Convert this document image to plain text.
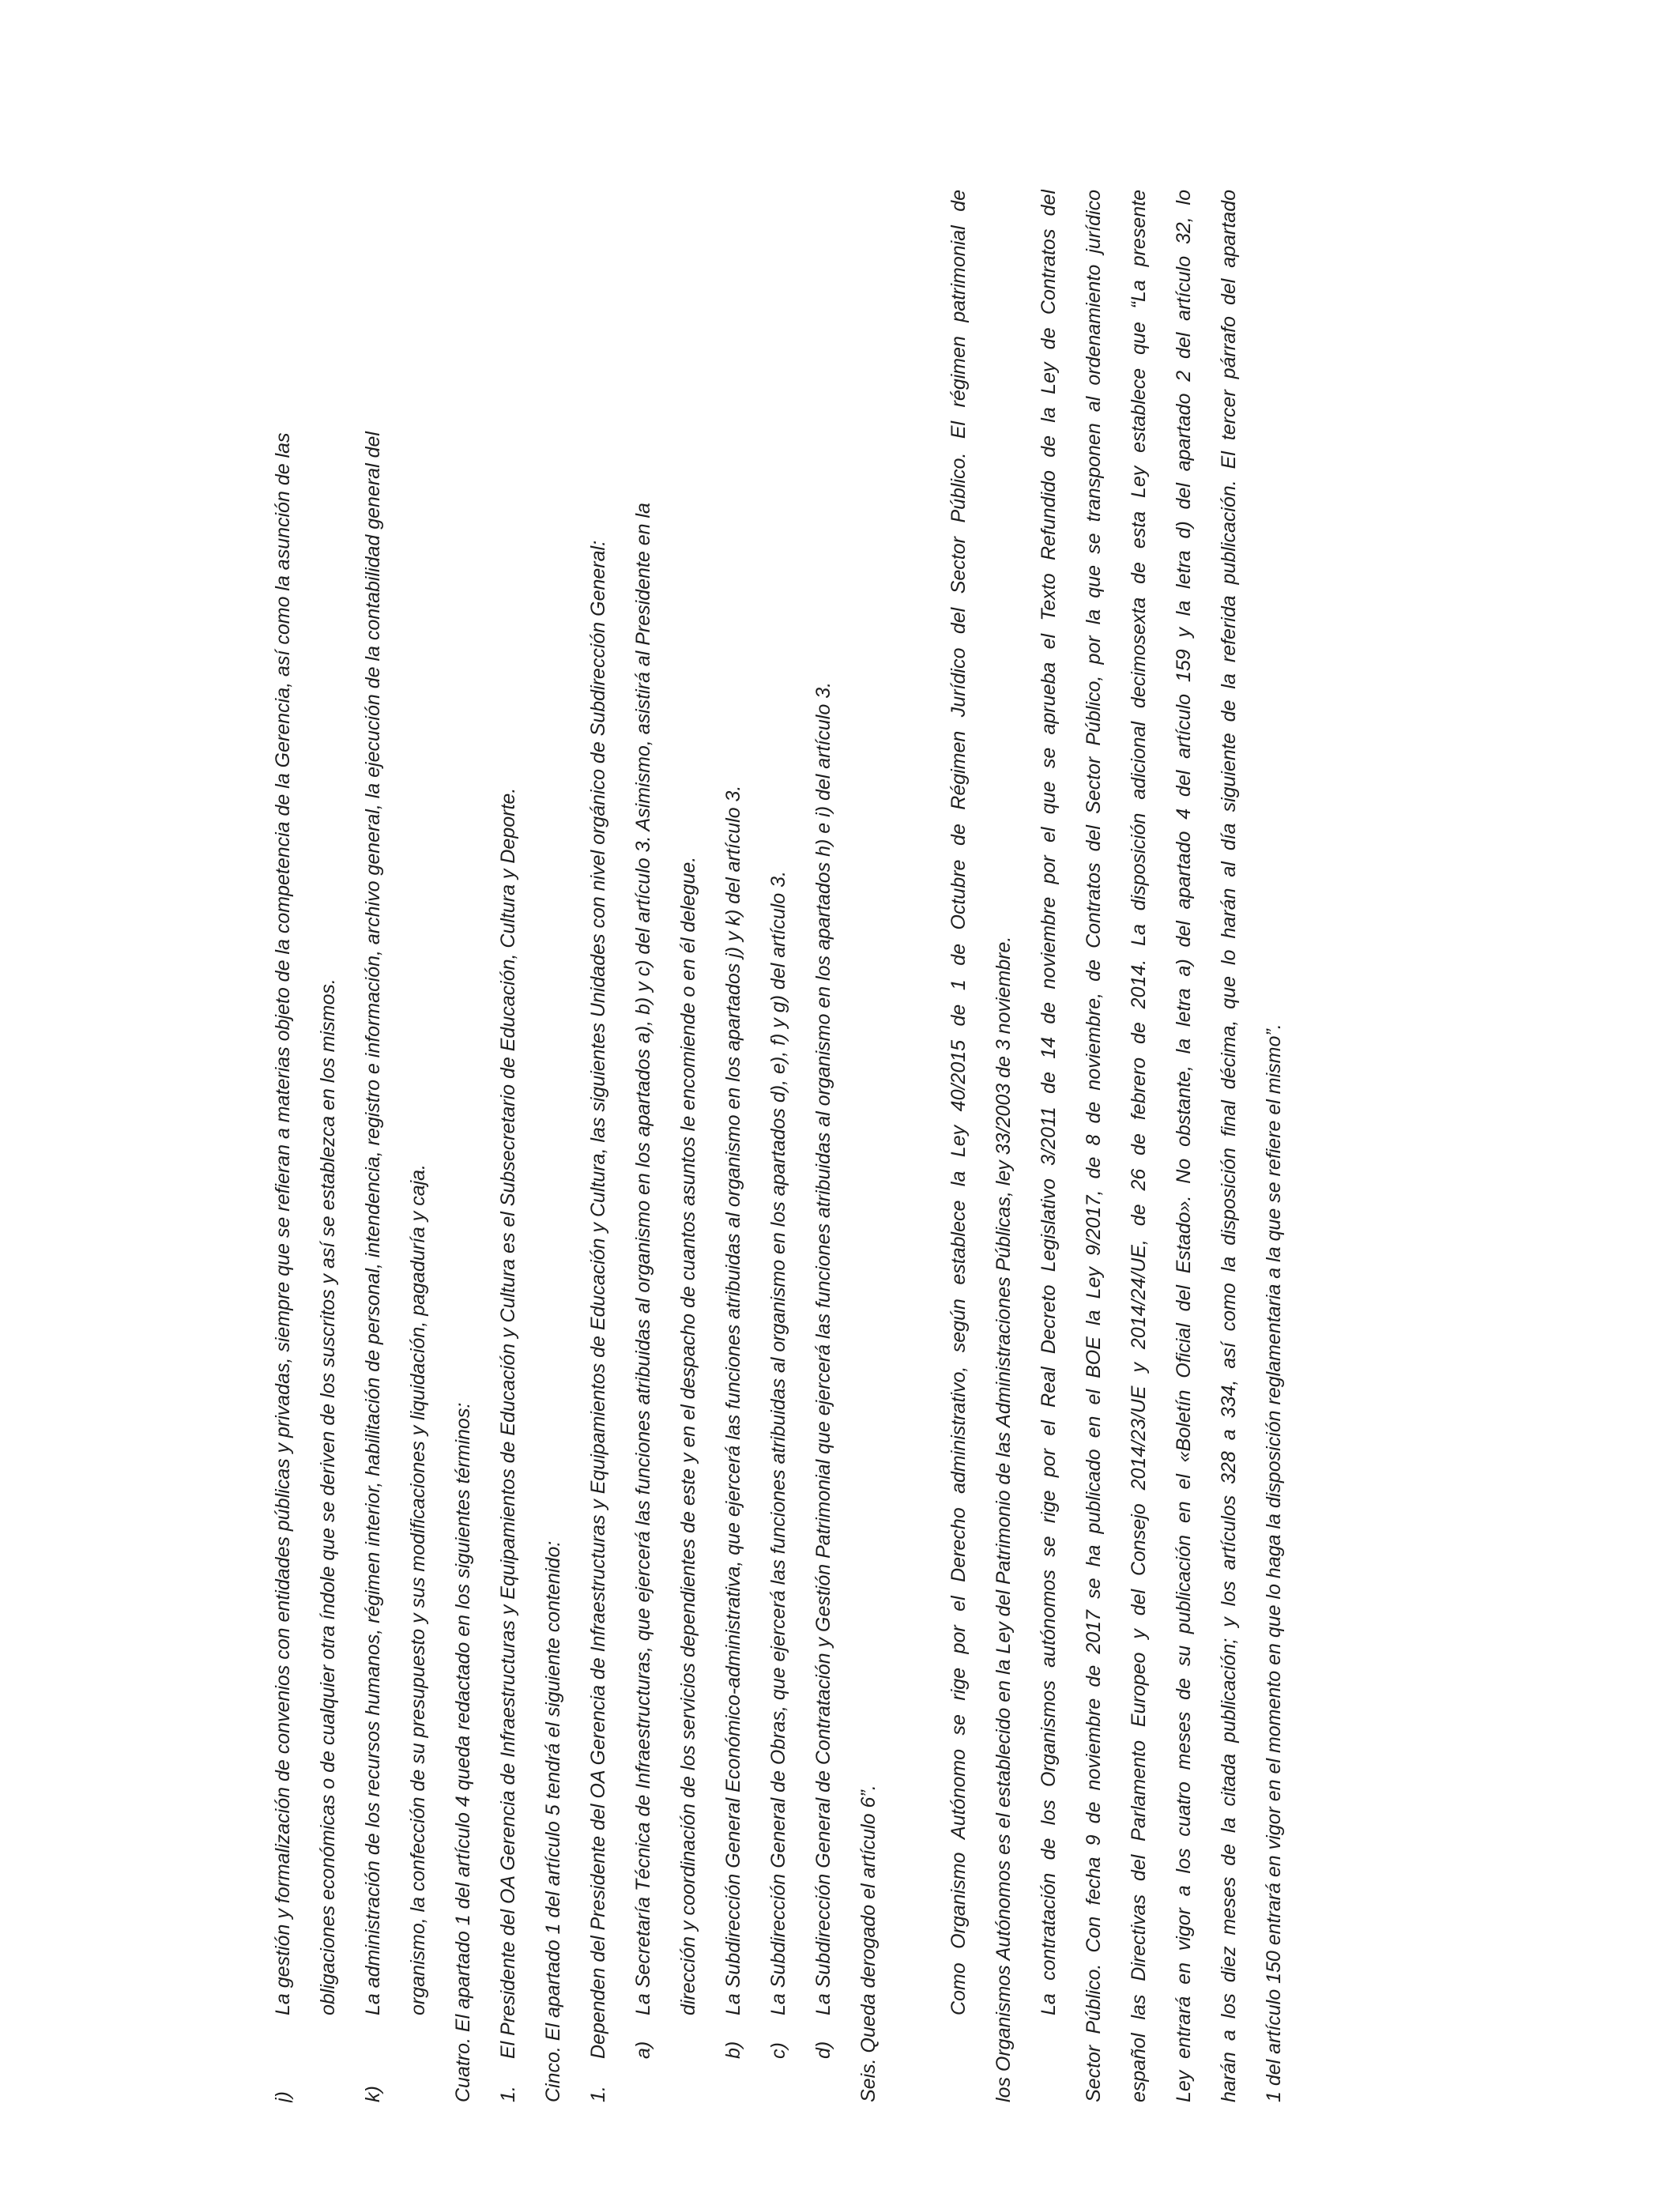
j)
La gestión y formalización de convenios con entidades públicas y privadas, siempre que se refieran a materias objeto de la competencia de la Gerencia, así como la asunción de las	obligaciones económicas o de cualquier otra índole que se deriven de los suscritos y así se establezca en los mismos.
k)
La administración de los recursos humanos, régimen interior, habilitación de personal, intendencia, registro e información, archivo general, la ejecución de la contabilidad general del	organismo, la confección de su presupuesto y sus modificaciones y liquidación, pagaduría y caja.	Cuatro. El apartado 1 del artículo 4 queda redactado en los siguientes términos:	1.
El Presidente del OA Gerencia de Infraestructuras y Equipamientos de Educación y Cultura es el Subsecretario de Educación, Cultura y Deporte.	Cinco. El apartado 1 del artículo 5 tendrá el siguiente contenido:	1.
Dependen del Presidente del OA Gerencia de Infraestructuras y Equipamientos de Educación y Cultura, las siguientes Unidades con nivel orgánico de Subdirección General:	a)
La Secretaría Técnica de Infraestructuras, que ejercerá las funciones atribuidas al organismo en los apartados a), b) y c) del artículo 3. Asimismo, asistirá al Presidente en la	dirección y coordinación de los servicios dependientes de este y en el despacho de cuantos asuntos le encomiende o en él delegue.
b)
La Subdirección General Económico-administrativa, que ejercerá las funciones atribuidas al organismo en los apartados j) y k) del artículo 3.
c)
La Subdirección General de Obras, que ejercerá las funciones atribuidas al organismo en los apartados d), e), f) y g) del artículo 3.
d)
La Subdirección General de Contratación y Gestión Patrimonial que ejercerá las funciones atribuidas al organismo en los apartados h) e i) del artículo 3.	Seis. Queda derogado el artículo 6”.	Como Organismo Autónomo se rige por el Derecho administrativo, según establece la Ley 40/2015 de 1 de Octubre de Régimen Jurídico del Sector Público. El régimen patrimonial de	los Organismos Autónomos es el establecido en la Ley del Patrimonio de las Administraciones Públicas, ley 33/2003 de 3 noviembre.	La contratación de los Organismos autónomos se rige por el Real Decreto Legislativo 3/2011 de 14 de noviembre por el que se aprueba el Texto Refundido de la Ley de Contratos del	Sector Público. Con fecha 9 de noviembre de 2017 se ha publicado en el BOE la Ley 9/2017, de 8 de noviembre, de Contratos del Sector Público, por la que se transponen al ordenamiento jurídico	español las Directivas del Parlamento Europeo y del Consejo 2014/23/UE y 2014/24/UE, de 26 de febrero de 2014. La disposición adicional decimosexta de esta Ley establece que “La presente	Ley entrará en vigor a los cuatro meses de su publicación en el «Boletín Oficial del Estado». No obstante, la letra a) del apartado 4 del artículo 159 y la letra d) del apartado 2 del artículo 32, lo	harán a los diez meses de la citada publicación; y los artículos 328 a 334, así como la disposición final décima, que lo harán al día siguiente de la referida publicación. El tercer párrafo del apartado	1 del artículo 150 entrará en vigor en el momento en que lo haga la disposición reglamentaria a la que se refiere el mismo”.
